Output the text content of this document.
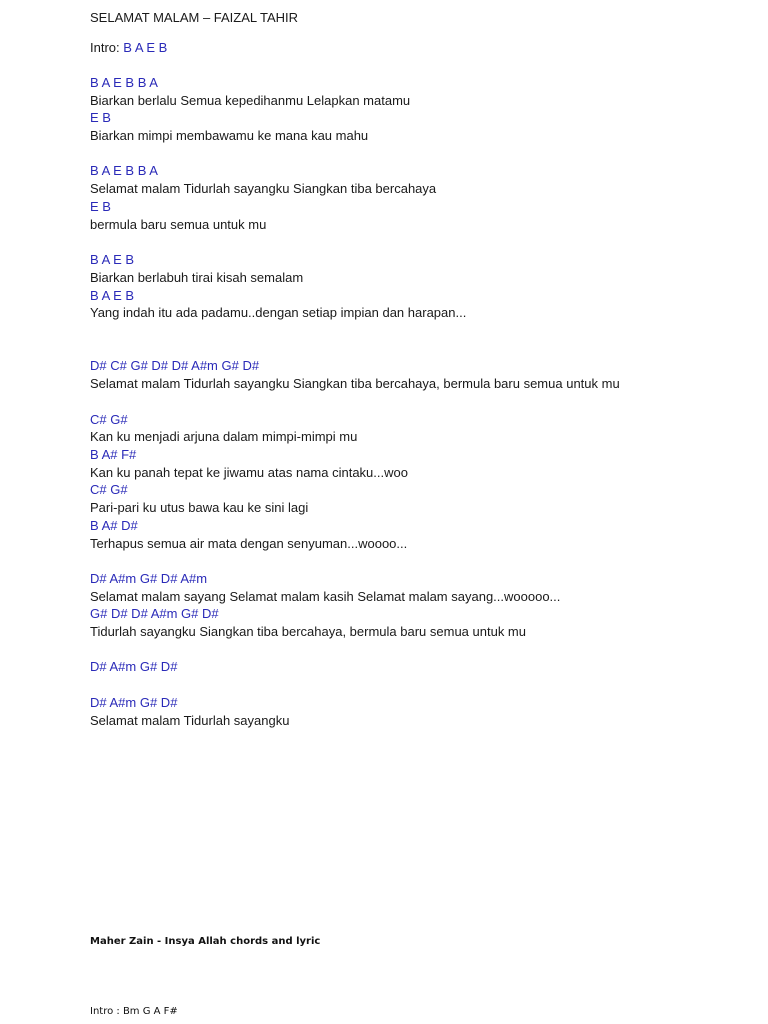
SELAMAT MALAM – FAIZAL TAHIR
Intro: B A E B
B A E B B A
Biarkan berlalu Semua kepedihanmu Lelapkan matamu
E B
Biarkan mimpi membawamu ke mana kau mahu
B A E B B A
Selamat malam Tidurlah sayangku Siangkan tiba bercahaya
E B
bermula baru semua untuk mu
B A E B
Biarkan berlabuh tirai kisah semalam
B A E B
Yang indah itu ada padamu..dengan setiap impian dan harapan...
D# C# G# D# D# A#m G# D#
Selamat malam Tidurlah sayangku Siangkan tiba bercahaya, bermula baru semua untuk mu
C# G#
Kan ku menjadi arjuna dalam mimpi-mimpi mu
B A# F#
Kan ku panah tepat ke jiwamu atas nama cintaku...woo
C# G#
Pari-pari ku utus bawa kau ke sini lagi
B A# D#
Terhapus semua air mata dengan senyuman...woooo...
D# A#m G# D# A#m
Selamat malam sayang Selamat malam kasih Selamat malam sayang...wooooo...
G# D# D# A#m G# D#
Tidurlah sayangku Siangkan tiba bercahaya, bermula baru semua untuk mu
D# A#m G# D#
D# A#m G# D#
Selamat malam Tidurlah sayangku
Maher Zain - Insya Allah chords and lyric
Intro : Bm G A F#
